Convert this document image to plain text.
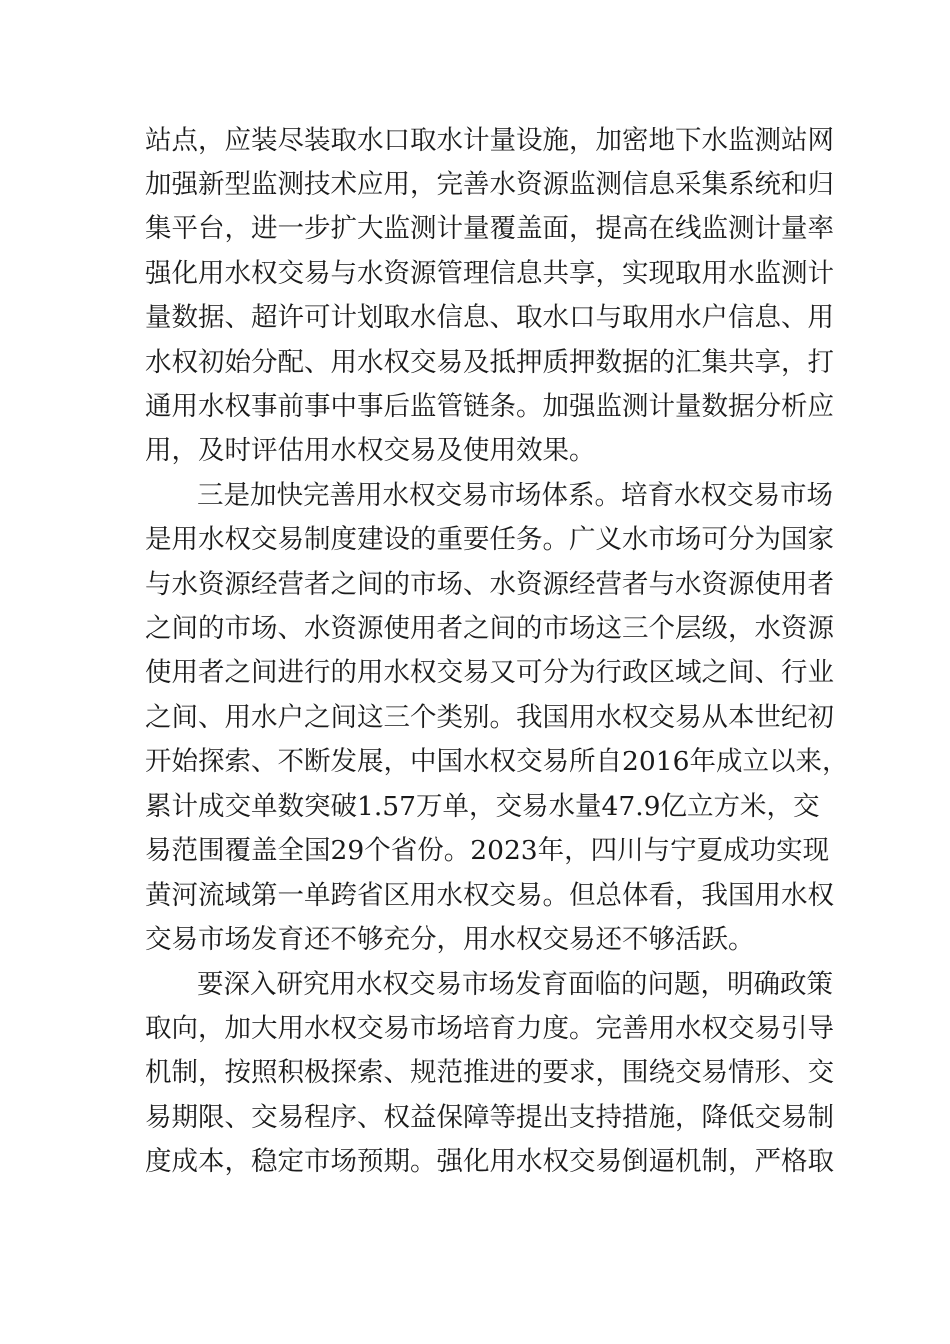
站点，应装尽装取水口取水计量设施，加密地下水监测站网
加强新型监测技术应用，完善水资源监测信息采集系统和归
集平台，进一步扩大监测计量覆盖面，提高在线监测计量率
强化用水权交易与水资源管理信息共享，实现取用水监测计
量数据、超许可计划取水信息、取水口与取用水户信息、用
水权初始分配、用水权交易及抵押质押数据的汇集共享，打
通用水权事前事中事后监管链条。加强监测计量数据分析应
用，及时评估用水权交易及使用效果。
三是加快完善用水权交易市场体系。培育水权交易市场
是用水权交易制度建设的重要任务。广义水市场可分为国家
与水资源经营者之间的市场、水资源经营者与水资源使用者
之间的市场、水资源使用者之间的市场这三个层级，水资源
使用者之间进行的用水权交易又可分为行政区域之间、行业
之间、用水户之间这三个类别。我国用水权交易从本世纪初
开始探索、不断发展，中国水权交易所自2016年成立以来，
累计成交单数突破1.57万单，交易水量47.9亿立方米，交
易范围覆盖全国29个省份。2023年，四川与宁夏成功实现
黄河流域第一单跨省区用水权交易。但总体看，我国用水权
交易市场发育还不够充分，用水权交易还不够活跃。
要深入研究用水权交易市场发育面临的问题，明确政策
取向，加大用水权交易市场培育力度。完善用水权交易引导
机制，按照积极探索、规范推进的要求，围绕交易情形、交
易期限、交易程序、权益保障等提出支持措施，降低交易制
度成本，稳定市场预期。强化用水权交易倒逼机制，严格取
